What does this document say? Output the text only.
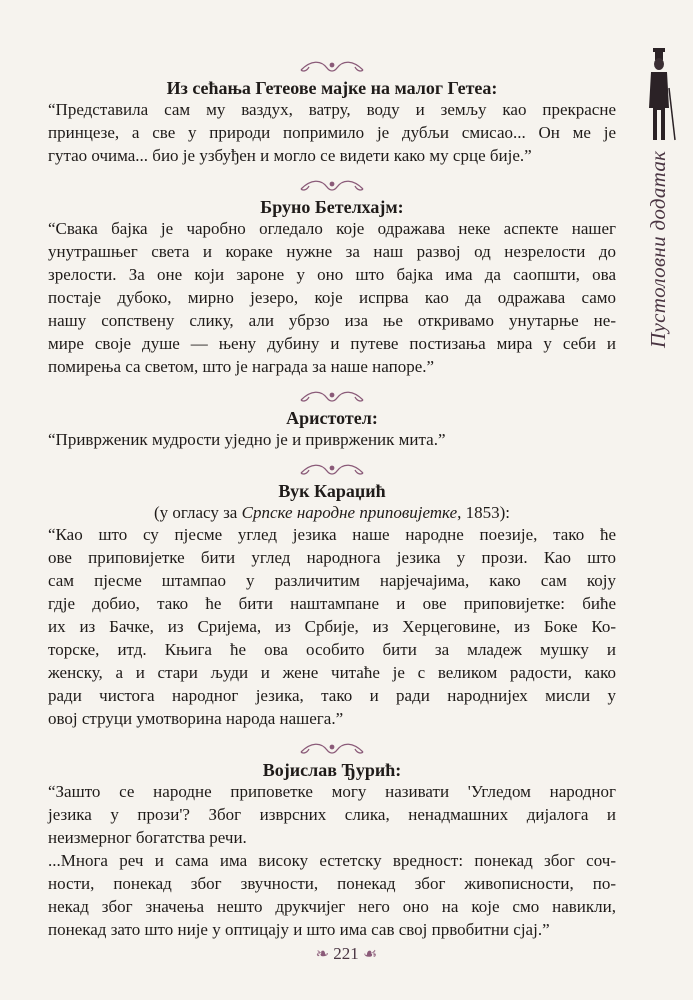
Пустоловни додатак
Из сећања Гетеове мајке на малог Гетеа:
“Представила сам му ваздух, ватру, воду и земљу као прекрасне
принцезе, а све у природи попримило је дубљи смисао... Он ме је
гутао очима... био је узбуђен и могло се видети како му срце бије.”
Бруно Бетелхајм:
“Свака бајка је чаробно огледало које одражава неке аспекте нашег
унутрашњег света и кораке нужне за наш развој од незрелости до
зрелости. За оне који зароне у оно што бајка има да саопшти, ова
постаје дубоко, мирно језеро, које испрва као да одражава само
нашу сопствену слику, али убрзо иза ње откривамо унутарње не-
мире своје душе — њену дубину и путеве постизања мира у себи и
помирења са светом, што је награда за наше напоре.”
Аристотел:
“Привржeник мудрости уједно је и привржeник мита.”
Вук Караџић
(у огласу за Српске народне приповијетке, 1853):
“Као што су пјесме углед језика наше народне поезије, тако ће
ове приповијетке бити углед народнога језика у прози. Као што
сам пјесме штампао у различитим нарјечајима, како сам коју
гдје добио, тако ће бити наштампане и ове приповијетке: биће
их из Бачке, из Сријема, из Србије, из Херцеговине, из Боке Ко-
торске, итд. Књига ће ова особито бити за младеж мушку и
женску, а и стари људи и жене читаће је с великом радости, како
ради чистога народног језика, тако и ради народнијех мисли у
овој струци умотворина народа нашега.”
Војислав Ђурић:
“Зашто се народне приповетке могу називати 'Угледом народног
језика у прози'? Због изврсних слика, ненадмашних дијалога и
неизмерног богатства речи.
...Многа реч и сама има високу естетску вредност: понекад због соч-
ности, понекад због звучности, понекад због живописности, по-
некад због значења нешто друкчијег него оно на које смо навикли,
понекад зато што није у оптицају и што има сав свој првобитни сјај.”
❧ 221 ☙
